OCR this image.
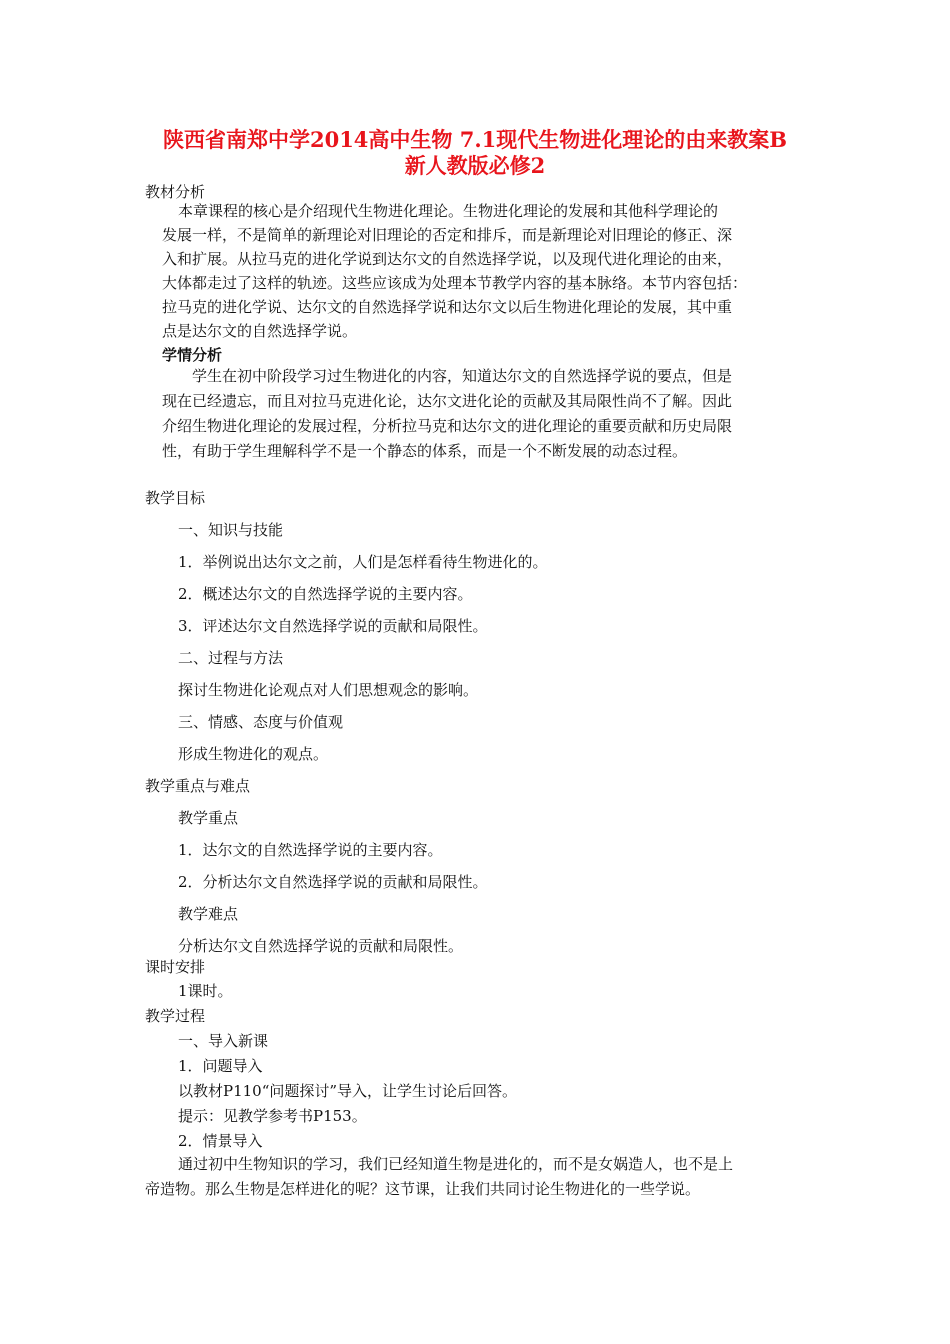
陕西省南郑中学2014高中生物 7.1现代生物进化理论的由来教案B
新人教版必修2
教材分析
本章课程的核心是介绍现代生物进化理论。生物进化理论的发展和其他科学理论的
发展一样，不是简单的新理论对旧理论的否定和排斥，而是新理论对旧理论的修正、深
入和扩展。从拉马克的进化学说到达尔文的自然选择学说，以及现代进化理论的由来，
大体都走过了这样的轨迹。这些应该成为处理本节教学内容的基本脉络。本节内容包括：
拉马克的进化学说、达尔文的自然选择学说和达尔文以后生物进化理论的发展，其中重
点是达尔文的自然选择学说。
学情分析
学生在初中阶段学习过生物进化的内容，知道达尔文的自然选择学说的要点，但是
现在已经遗忘，而且对拉马克进化论，达尔文进化论的贡献及其局限性尚不了解。因此
介绍生物进化理论的发展过程，分析拉马克和达尔文的进化理论的重要贡献和历史局限
性，有助于学生理解科学不是一个静态的体系，而是一个不断发展的动态过程。
教学目标
一、知识与技能
1．举例说出达尔文之前，人们是怎样看待生物进化的。
2．概述达尔文的自然选择学说的主要内容。
3．评述达尔文自然选择学说的贡献和局限性。
二、过程与方法
探讨生物进化论观点对人们思想观念的影响。
三、情感、态度与价值观
形成生物进化的观点。
教学重点与难点
教学重点
1．达尔文的自然选择学说的主要内容。
2．分析达尔文自然选择学说的贡献和局限性。
教学难点
分析达尔文自然选择学说的贡献和局限性。
课时安排
1课时。
教学过程
一、导入新课
1．问题导入
以教材P110“问题探讨”导入，让学生讨论后回答。
提示：见教学参考书P153。
2．情景导入
通过初中生物知识的学习，我们已经知道生物是进化的，而不是女娲造人，也不是上
帝造物。那么生物是怎样进化的呢？这节课，让我们共同讨论生物进化的一些学说。
